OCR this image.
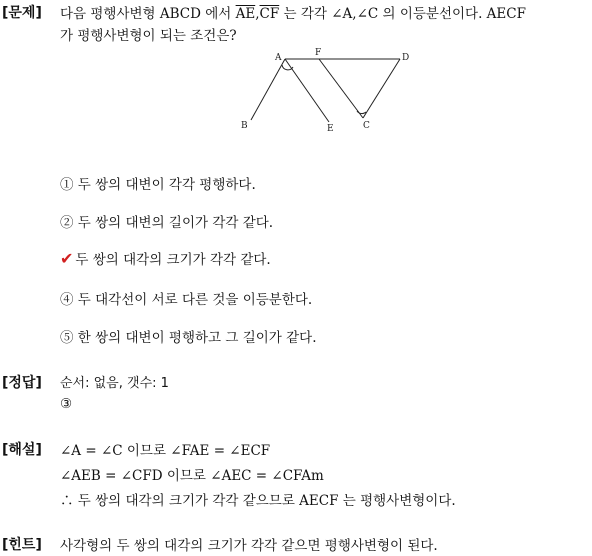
[문제] 다음 평행사변형 ABCD 에서 $\overline{AE},\overline{CF}$ 는 각각 ∠A,∠C 의 이등분선이다. AECF
가 평행사변형이 되는 조건은?
A	F	D
B	E	C
① 두 쌍의 대변이 각각 평행하다.
② 두 쌍의 대변의 길이가 각각 같다.
✔ 두 쌍의 대각의 크기가 각각 같다.
④ 두 대각선이 서로 다른 것을 이등분한다.
⑤ 한 쌍의 대변이 평행하고 그 길이가 같다.
[정답] 순서: 없음, 갯수: 1
③
[해설] ∠A = ∠C 이므로 ∠FAE = ∠ECF
∠AEB = ∠CFD 이므로 ∠AEC = ∠CFAm
∴ 두 쌍의 대각의 크기가 각각 같으므로 AECF 는 평행사변형이다.
[힌트] 사각형의 두 쌍의 대각의 크기가 각각 같으면 평행사변형이 된다.
